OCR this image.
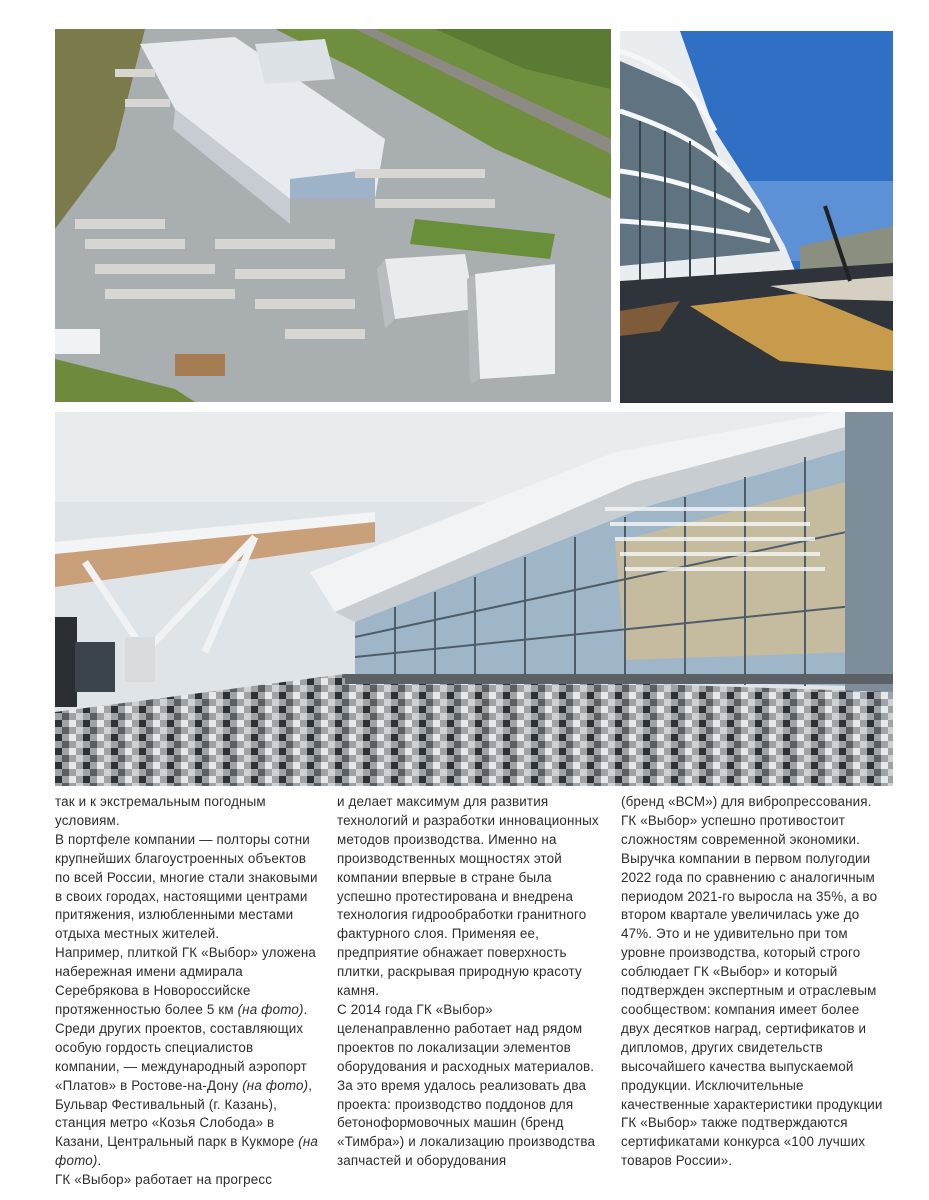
так и к экстремальным погодным условиям.

В портфеле компании — полторы сотни крупнейших благоустроенных объектов по всей России, многие стали знаковыми в своих городах, настоящими центрами притяжения, излюбленными местами отдыха местных жителей.

Например, плиткой ГК «Выбор» уложена набережная имени адмирала Серебрякова в Новороссийске протяженностью более 5 км (на фото). Среди других проектов, составляющих особую гордость специалистов компании, — международный аэропорт «Платов» в Ростове-на-Дону (на фото), Бульвар Фестивальный (г. Казань), станция метро «Козья Слобода» в Казани, Центральный парк в Кукморе (на фото).

ГК «Выбор» работает на прогресс

и делает максимум для развития технологий и разработки инновационных методов производства. Именно на производственных мощностях этой компании впервые в стране была успешно протестирована и внедрена технология гидрообработки гранитного фактурного слоя. Применяя ее, предприятие обнажает поверхность плитки, раскрывая природную красоту камня.

С 2014 года ГК «Выбор» целенаправленно работает над рядом проектов по локализации элементов оборудования и расходных материалов. За это время удалось реализовать два проекта: производство поддонов для бетоноформовочных машин (бренд «Тимбра») и локализацию производства запчастей и оборудования

(бренд «ВСМ») для вибропрессования.

ГК «Выбор» успешно противостоит сложностям современной экономики. Выручка компании в первом полугодии 2022 года по сравнению с аналогичным периодом 2021-го выросла на 35%, а во втором квартале увеличилась уже до 47%. Это и не удивительно при том уровне производства, который строго соблюдает ГК «Выбор» и который подтвержден экспертным и отраслевым сообществом: компания имеет более двух десятков наград, сертификатов и дипломов, других свидетельств высочайшего качества выпускаемой продукции. Исключительные качественные характеристики продукции ГК «Выбор» также подтверждаются сертификатами конкурса «100 лучших товаров России».
